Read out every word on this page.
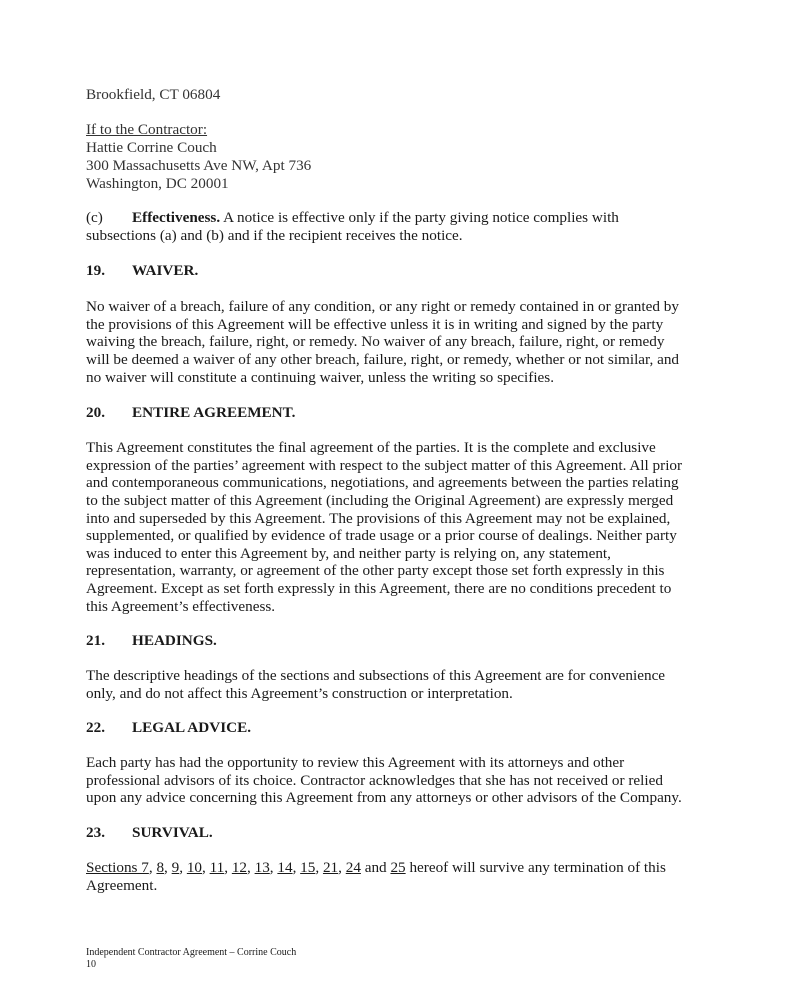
Brookfield, CT 06804

If to the Contractor:

Hattie Corrine Couch

300 Massachusetts Ave NW, Apt 736

Washington, DC 20001

(c) Effectiveness. A notice is effective only if the party giving notice complies with subsections (a) and (b) and if the recipient receives the notice.

19. WAIVER.

No waiver of a breach, failure of any condition, or any right or remedy contained in or granted by the provisions of this Agreement will be effective unless it is in writing and signed by the party waiving the breach, failure, right, or remedy. No waiver of any breach, failure, right, or remedy will be deemed a waiver of any other breach, failure, right, or remedy, whether or not similar, and no waiver will constitute a continuing waiver, unless the writing so specifies.

20. ENTIRE AGREEMENT.

This Agreement constitutes the final agreement of the parties. It is the complete and exclusive expression of the parties’ agreement with respect to the subject matter of this Agreement. All prior and contemporaneous communications, negotiations, and agreements between the parties relating to the subject matter of this Agreement (including the Original Agreement) are expressly merged into and superseded by this Agreement. The provisions of this Agreement may not be explained, supplemented, or qualified by evidence of trade usage or a prior course of dealings. Neither party was induced to enter this Agreement by, and neither party is relying on, any statement, representation, warranty, or agreement of the other party except those set forth expressly in this Agreement. Except as set forth expressly in this Agreement, there are no conditions precedent to this Agreement’s effectiveness.

21. HEADINGS.

The descriptive headings of the sections and subsections of this Agreement are for convenience only, and do not affect this Agreement’s construction or interpretation.

22. LEGAL ADVICE.

Each party has had the opportunity to review this Agreement with its attorneys and other professional advisors of its choice. Contractor acknowledges that she has not received or relied upon any advice concerning this Agreement from any attorneys or other advisors of the Company.

23. SURVIVAL.

Sections 7, 8, 9, 10, 11, 12, 13, 14, 15, 21, 24 and 25 hereof will survive any termination of this Agreement.

Independent Contractor Agreement – Corrine Couch
10
